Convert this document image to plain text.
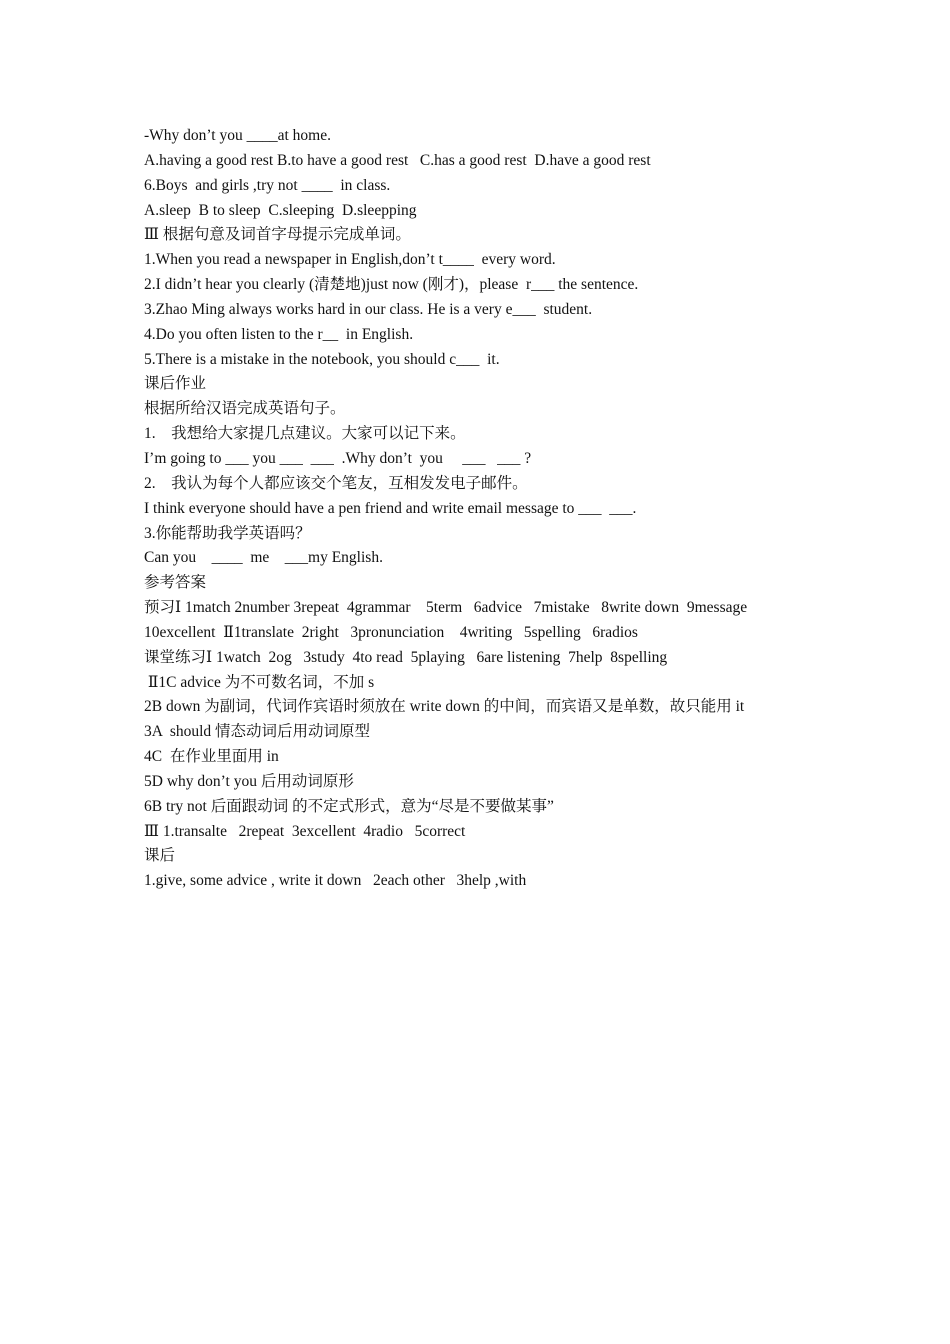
-Why don’t you ____at home.
A.having a good rest B.to have a good rest   C.has a good rest  D.have a good rest
6.Boys  and girls ,try not ____  in class.
A.sleep  B to sleep  C.sleeping  D.sleepping
Ⅲ 根据句意及词首字母提示完成单词。
1.When you read a newspaper in English,don’t t____  every word.
2.I didn’t hear you clearly (清楚地)just now (刚才)，please  r___ the sentence.
3.Zhao Ming always works hard in our class. He is a very e___  student.
4.Do you often listen to the r__  in English.
5.There is a mistake in the notebook, you should c___  it.
课后作业
根据所给汉语完成英语句子。
1.    我想给大家提几点建议。大家可以记下来。
I’m going to ___ you ___  ___  .Why don’t  you     ___   ___ ?
2.    我认为每个人都应该交个笔友，互相发发电子邮件。
I think everyone should have a pen friend and write email message to ___  ___.
3.你能帮助我学英语吗？
Can you    ____  me    ___my English.
参考答案
预习Ⅰ 1match 2number 3repeat  4grammar    5term   6advice   7mistake   8write down  9message
10excellent  Ⅱ1translate  2right   3pronunciation    4writing   5spelling   6radios
课堂练习Ⅰ 1watch  2og   3study  4to read  5playing   6are listening  7help  8spelling
Ⅱ1C advice 为不可数名词，不加 s
2B down 为副词，代词作宾语时须放在 write down 的中间，而宾语又是单数，故只能用 it
3A  should 情态动词后用动词原型
4C  在作业里面用 in
5D why don’t you 后用动词原形
6B try not 后面跟动词 的不定式形式，意为“尽是不要做某事”
Ⅲ 1.transalte   2repeat  3excellent  4radio   5correct
课后
1.give, some advice , write it down   2each other   3help ,with
